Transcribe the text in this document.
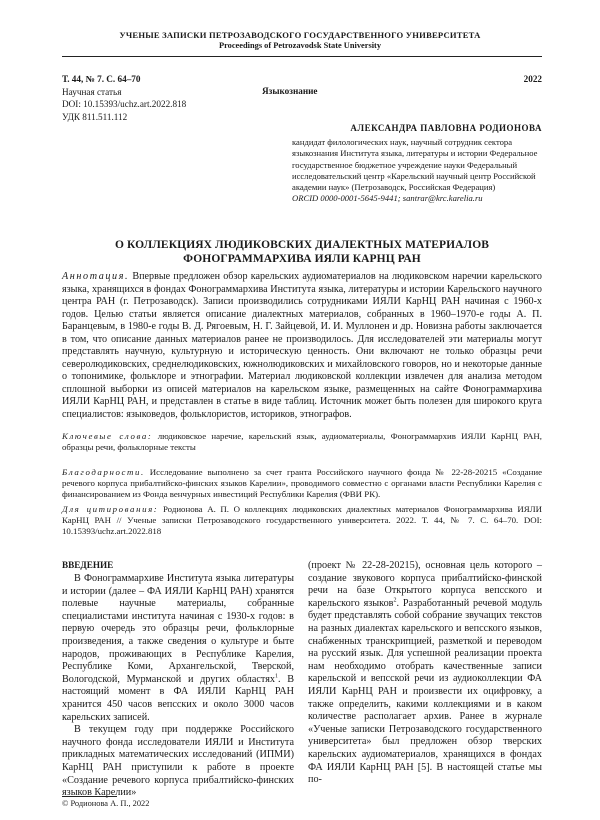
УЧЕНЫЕ ЗАПИСКИ ПЕТРОЗАВОДСКОГО ГОСУДАРСТВЕННОГО УНИВЕРСИТЕТА
Proceedings of Petrozavodsk State University
Т. 44, № 7. С. 64–70	2022
Научная статья	Языкознание
DOI: 10.15393/uchz.art.2022.818
УДК 811.511.112
АЛЕКСАНДРА ПАВЛОВНА РОДИОНОВА
кандидат филологических наук, научный сотрудник сектора языкознания Института языка, литературы и истории Федеральное государственное бюджетное учреждение науки Федеральный исследовательский центр «Карельский научный центр Российской академии наук» (Петрозаводск, Российская Федерация)
ORCID 0000-0001-5645-9441; santrar@krc.karelia.ru
О КОЛЛЕКЦИЯХ ЛЮДИКОВСКИХ ДИАЛЕКТНЫХ МАТЕРИАЛОВ
ФОНОГРАММАРХИВА ИЯЛИ КАРНЦ РАН
Аннотация. Впервые предложен обзор карельских аудиоматериалов на людиковском наречии карельского языка, хранящихся в фондах Фонограммархива Института языка, литературы и истории Карельского научного центра РАН (г. Петрозаводск). Записи производились сотрудниками ИЯЛИ КарНЦ РАН начиная с 1960-х годов. Целью статьи является описание диалектных материалов, собранных в 1960–1970-е годы А. П. Баранцевым, в 1980-е годы В. Д. Рягоевым, Н. Г. Зайцевой, И. И. Муллонен и др. Новизна работы заключается в том, что описание данных материалов ранее не производилось. Для исследователей эти материалы могут представлять научную, культурную и историческую ценность. Они включают не только образцы речи северолюдиковских, среднелюдиковских, южнолюдиковских и михайловского говоров, но и некоторые данные о топонимике, фольклоре и этнографии. Материал людиковской коллекции извлечен для анализа методом сплошной выборки из описей материалов на карельском языке, размещенных на сайте Фонограммархива ИЯЛИ КарНЦ РАН, и представлен в статье в виде таблиц. Источник может быть полезен для широкого круга специалистов: языковедов, фольклористов, историков, этнографов.
Ключевые слова: людиковское наречие, карельский язык, аудиоматериалы, Фонограммархив ИЯЛИ КарНЦ РАН, образцы речи, фольклорные тексты
Благодарности. Исследование выполнено за счет гранта Российского научного фонда № 22-28-20215 «Создание речевого корпуса прибалтийско-финских языков Карелии», проводимого совместно с органами власти Республики Карелия с финансированием из Фонда венчурных инвестиций Республики Карелия (ФВИ РК).
Для цитирования: Родионова А. П. О коллекциях людиковских диалектных материалов Фонограммархива ИЯЛИ КарНЦ РАН // Ученые записки Петрозаводского государственного университета. 2022. Т. 44, № 7. С. 64–70. DOI: 10.15393/uchz.art.2022.818
ВВЕДЕНИЕ

В Фонограммархиве Института языка литературы и истории (далее – ФА ИЯЛИ КарНЦ РАН) хранятся полевые научные материалы, собранные специалистами института начиная с 1930-х годов: в первую очередь это образцы речи, фольклорные произведения, а также сведения о культуре и быте народов, проживающих в Республике Карелия, Республике Коми, Архангельской, Тверской, Вологодской, Мурманской и других областях$^1$. В настоящий момент в ФА ИЯЛИ КарНЦ РАН хранится 450 часов вепсских и около 3000 часов карельских записей.

В текущем году при поддержке Российского научного фонда исследователи ИЯЛИ и Института прикладных математических исследований (ИПМИ) КарНЦ РАН приступили к работе в проекте «Создание речевого корпуса прибалтийско-финских языков Карелии»

(проект № 22-28-20215), основная цель которого – создание звукового корпуса прибалтийско-финской речи на базе Открытого корпуса вепсского и карельского языков$^2$. Разработанный речевой модуль будет представлять собой собрание звучащих текстов на разных диалектах карельского и вепсского языков, снабженных транскрипцией, разметкой и переводом на русский язык. Для успешной реализации проекта нам необходимо отобрать качественные записи карельской и вепсской речи из аудиоколлекции ФА ИЯЛИ КарНЦ РАН и произвести их оцифровку, а также определить, какими коллекциями и в каком количестве располагает архив. Ранее в журнале «Ученые записки Петрозаводского государственного университета» был предложен обзор тверских карельских аудиоматериалов, хранящихся в фондах ФА ИЯЛИ КарНЦ РАН [5]. В настоящей статье мы по-

© Родионова А. П., 2022
